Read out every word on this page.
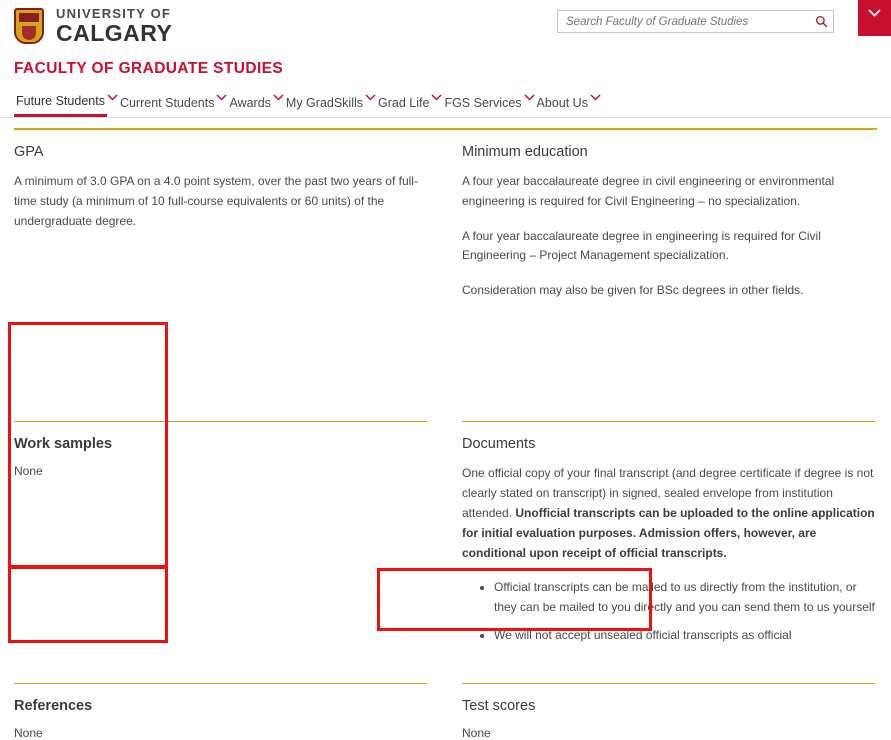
UNIVERSITY OF
CALGARY
Search Faculty of Graduate Studies
FACULTY OF GRADUATE STUDIES
Future Students Current Students Awards My GradSkills Grad Life FGS Services About Us
GPA

A minimum of 3.0 GPA on a 4.0 point system, over the past two years of full-time study (a minimum of 10 full-course equivalents or 60 units) of the undergraduate degree.

Minimum education

A four year baccalaureate degree in civil engineering or environmental engineering is required for Civil Engineering – no specialization.

A four year baccalaureate degree in engineering is required for Civil Engineering – Project Management specialization.

Consideration may also be given for BSc degrees in other fields.

Work samples

None

Documents

One official copy of your final transcript (and degree certificate if degree is not clearly stated on transcript) in signed, sealed envelope from institution attended. Unofficial transcripts can be uploaded to the online application for initial evaluation purposes. Admission offers, however, are conditional upon receipt of official transcripts.

• Official transcripts can be mailed to us directly from the institution, or they can be mailed to you directly and you can send them to us yourself
• We will not accept unsealed official transcripts as official
References

None

Test scores

None
